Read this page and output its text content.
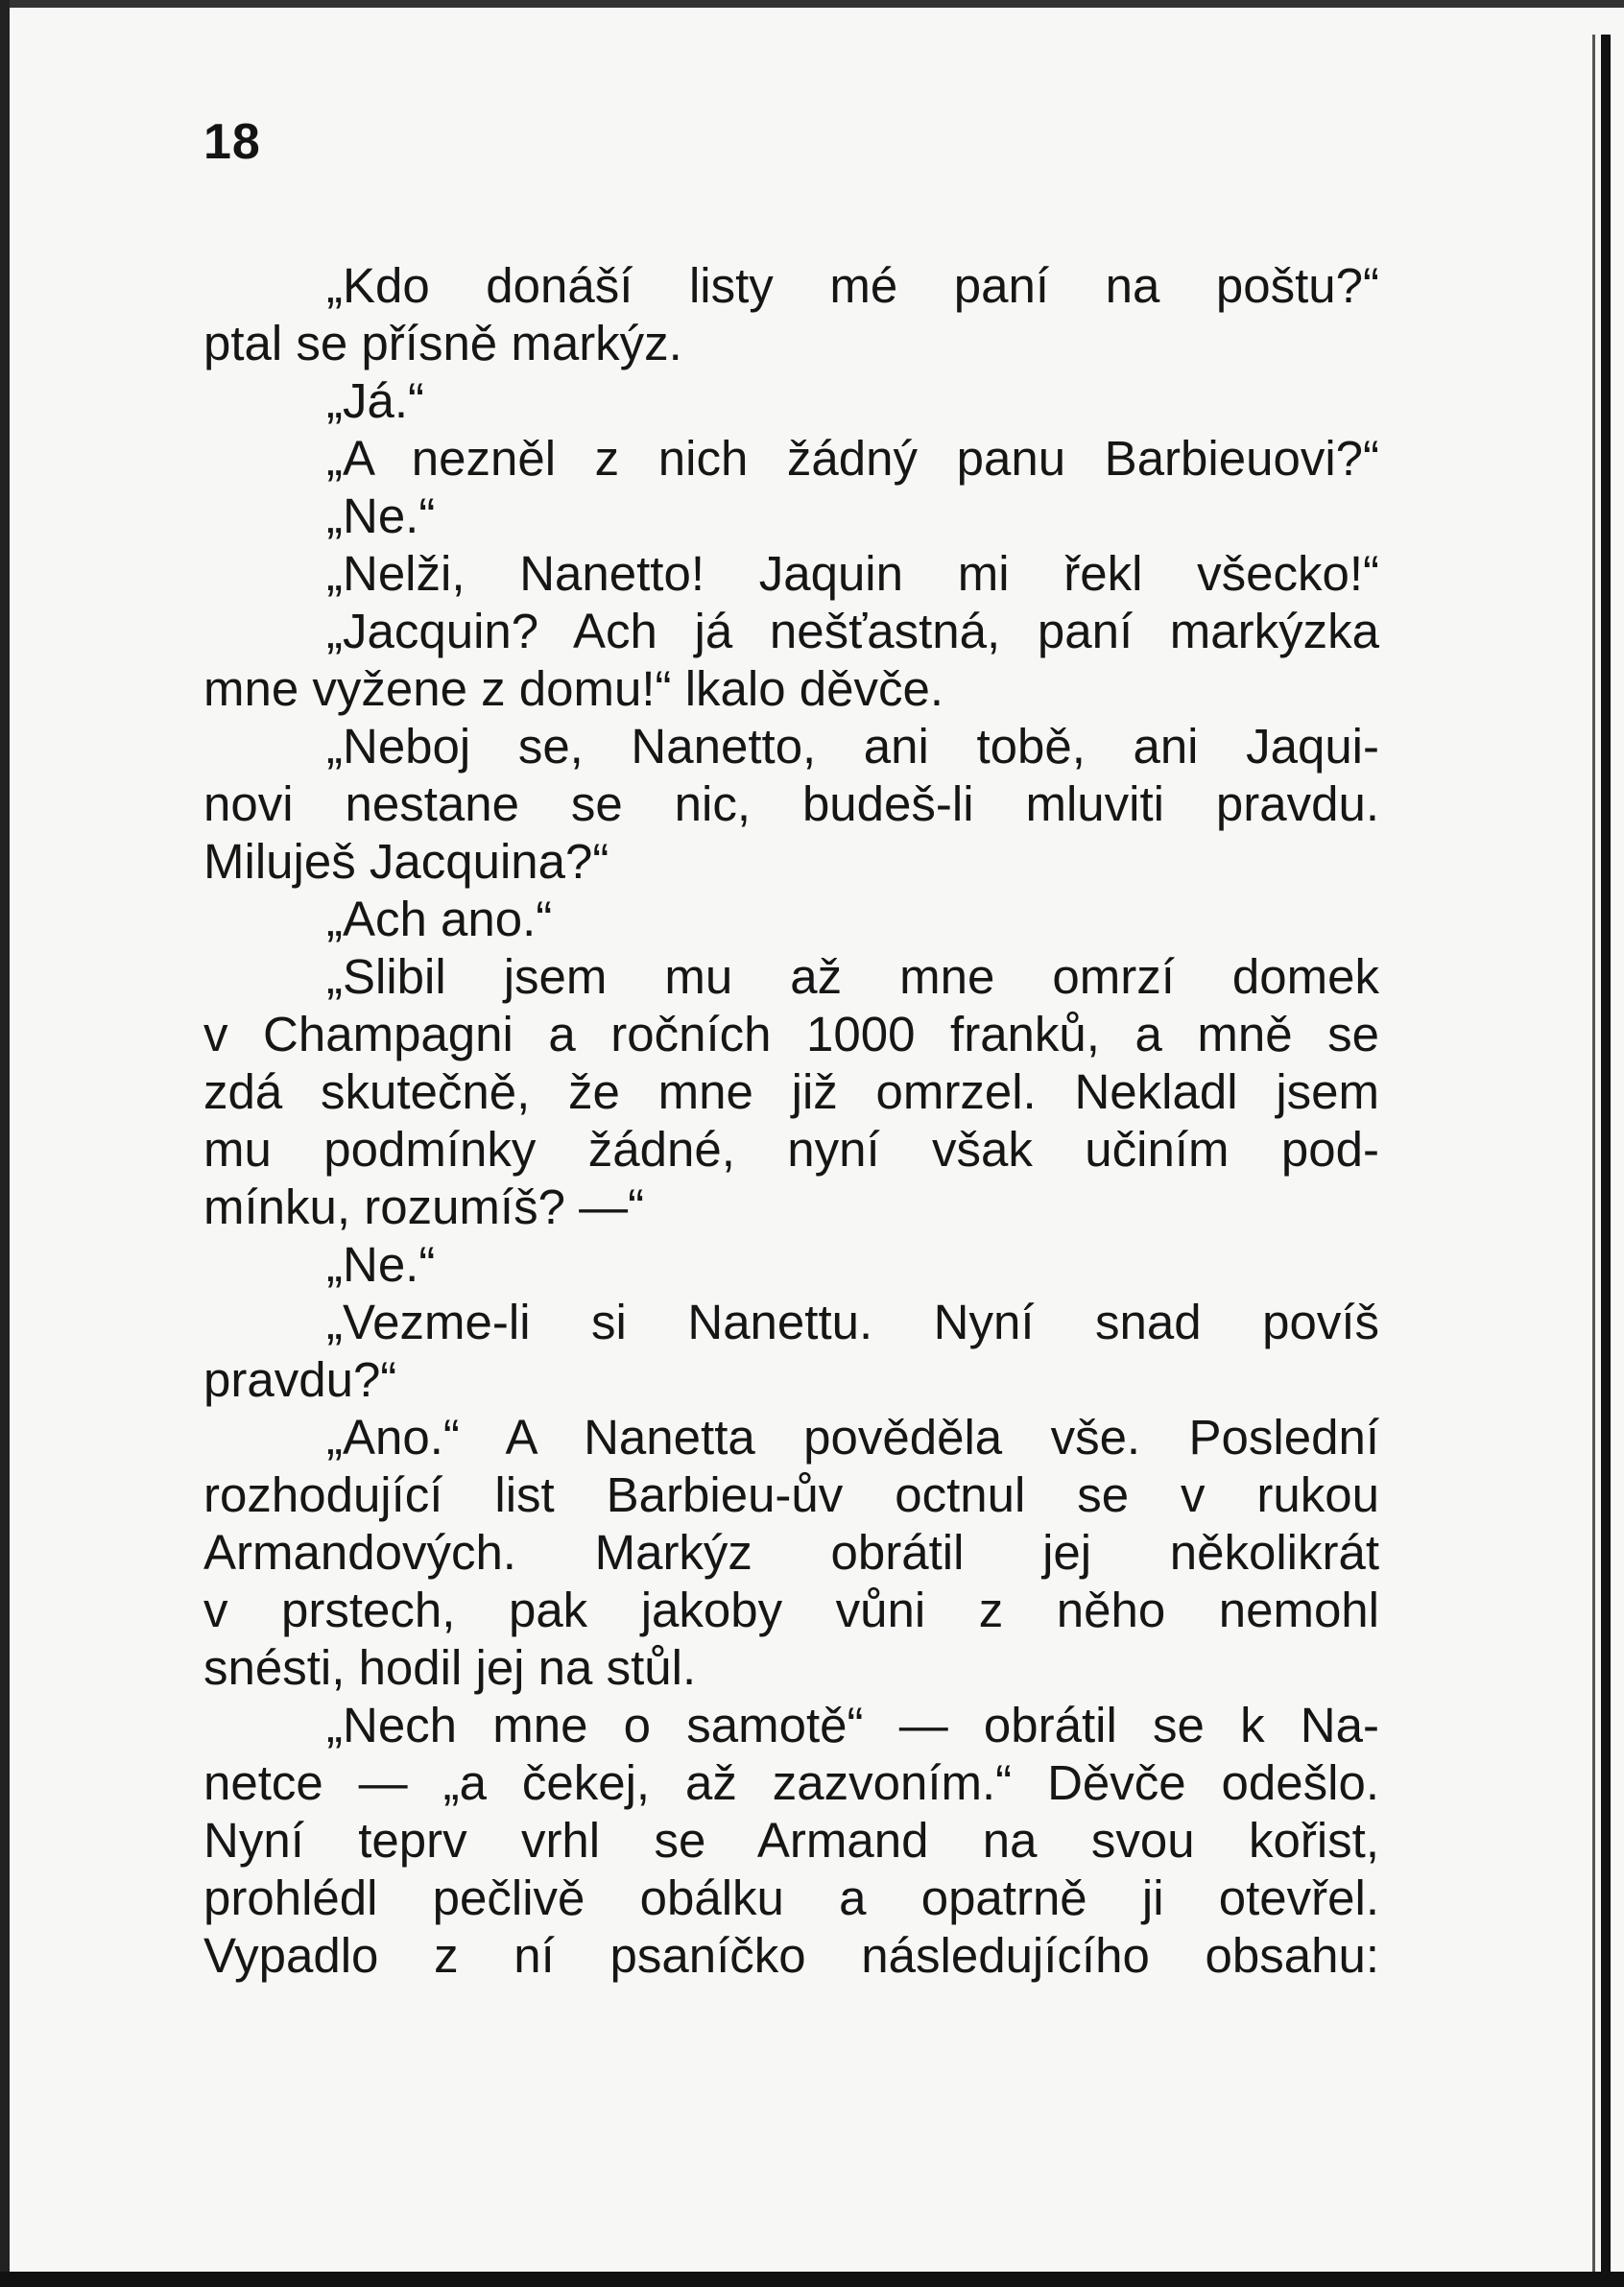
18
„Kdo donáší listy mé paní na poštu?“
ptal se přísně markýz.
„Já.“
„A nezněl z nich žádný panu Barbieuovi?“
„Ne.“
„Nelži, Nanetto! Jaquin mi řekl všecko!“
„Jacquin? Ach já nešťastná, paní markýzka
mne vyžene z domu!“ lkalo děvče.
„Neboj se, Nanetto, ani tobě, ani Jaqui-
novi nestane se nic, budeš-li mluviti pravdu.
Miluješ Jacquina?“
„Ach ano.“
„Slibil jsem mu až mne omrzí domek
v Champagni a ročních 1000 franků, a mně se
zdá skutečně, že mne již omrzel. Nekladl jsem
mu podmínky žádné, nyní však učiním pod-
mínku, rozumíš? —“
„Ne.“
„Vezme-li si Nanettu. Nyní snad povíš
pravdu?“
„Ano.“ A Nanetta pověděla vše. Poslední
rozhodující list Barbieu-ův octnul se v rukou
Armandových. Markýz obrátil jej několikrát
v prstech, pak jakoby vůni z něho nemohl
snésti, hodil jej na stůl.
„Nech mne o samotě“ — obrátil se k Na-
netce — „a čekej, až zazvoním.“ Děvče odešlo.
Nyní teprv vrhl se Armand na svou kořist,
prohlédl pečlivě obálku a opatrně ji otevřel.
Vypadlo z ní psaníčko následujícího obsahu:
